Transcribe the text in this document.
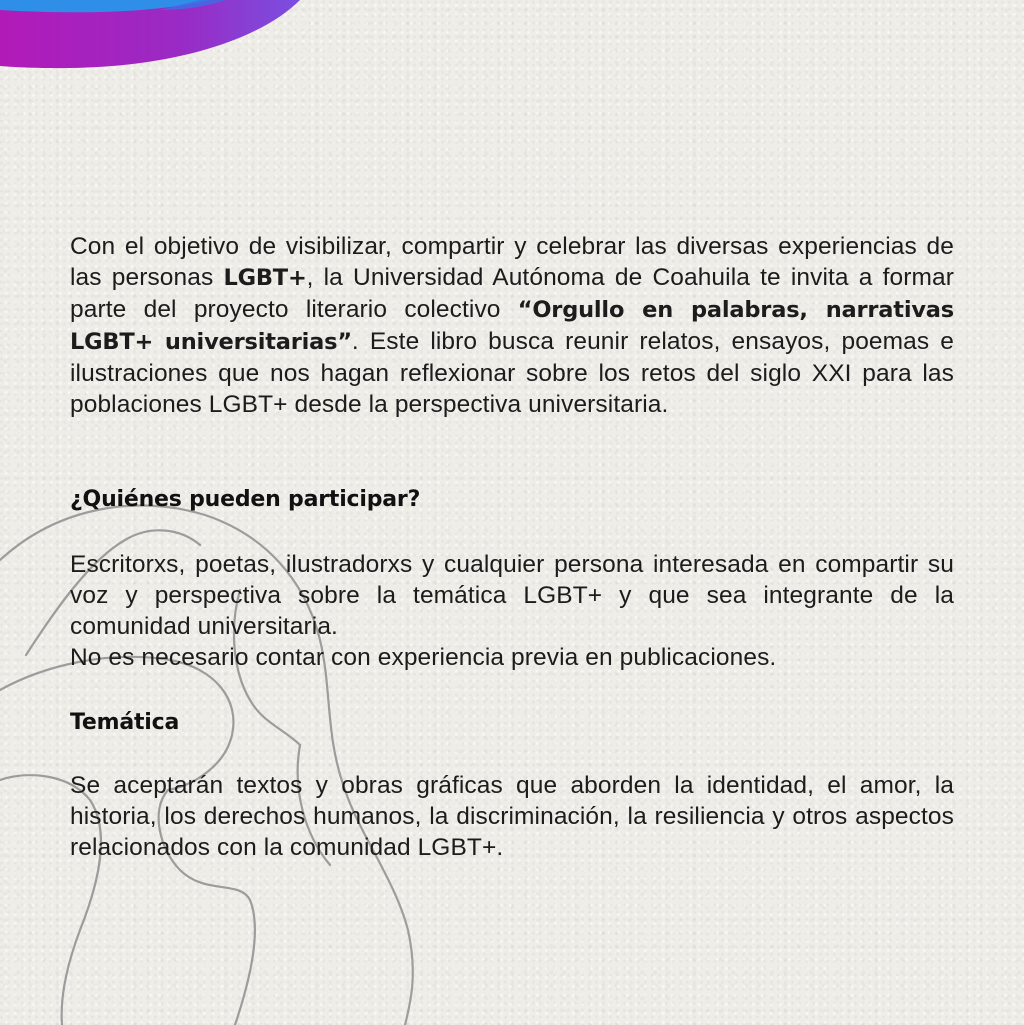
Con el objetivo de visibilizar, compartir y celebrar las diversas experiencias de las personas LGBT+, la Universidad Autónoma de Coahuila te invita a formar parte del proyecto literario colectivo “Orgullo en palabras, narrativas LGBT+ universitarias”. Este libro busca reunir relatos, ensayos, poemas e ilustraciones que nos hagan reflexionar sobre los retos del siglo XXI para las poblaciones LGBT+ desde la perspectiva universitaria.

¿Quiénes pueden participar?

Escritorxs, poetas, ilustradorxs y cualquier persona interesada en compartir su voz y perspectiva sobre la temática LGBT+ y que sea integrante de la comunidad universitaria.

No es necesario contar con experiencia previa en publicaciones.

Temática

Se aceptarán textos y obras gráficas que aborden la identidad, el amor, la historia, los derechos humanos, la discriminación, la resiliencia y otros aspectos relacionados con la comunidad LGBT+.
